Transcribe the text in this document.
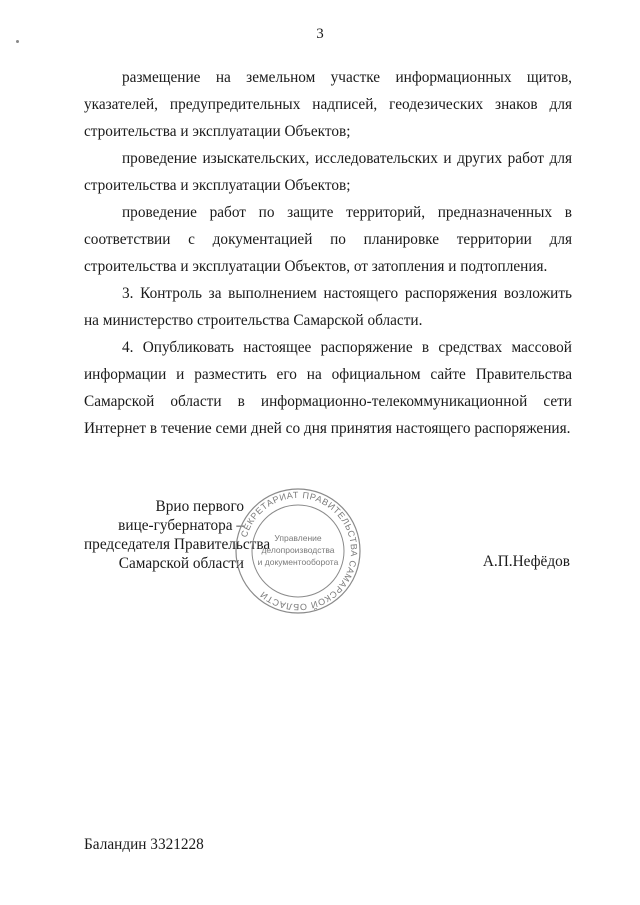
3

размещение на земельном участке информационных щитов, указателей, предупредительных надписей, геодезических знаков для строительства и эксплуатации Объектов;

проведение изыскательских, исследовательских и других работ для строительства и эксплуатации Объектов;

проведение работ по защите территорий, предназначенных в соответствии с документацией по планировке территории для строительства и эксплуатации Объектов, от затопления и подтопления.

3. Контроль за выполнением настоящего распоряжения возложить на министерство строительства Самарской области.

4. Опубликовать настоящее распоряжение в средствах массовой информации и разместить его на официальном сайте Правительства Самарской области в информационно-телекоммуникационной сети Интернет в течение семи дней со дня принятия настоящего распоряжения.

Врио первого
вице-губернатора –
председателя Правительства
Самарской области
СЕКРЕТАРИАТ ПРАВИТЕЛЬСТВА САМАРСКОЙ ОБЛАСТИ
Управление
делопроизводства
и документооборота	А.П.Нефёдов
Баландин 3321228
